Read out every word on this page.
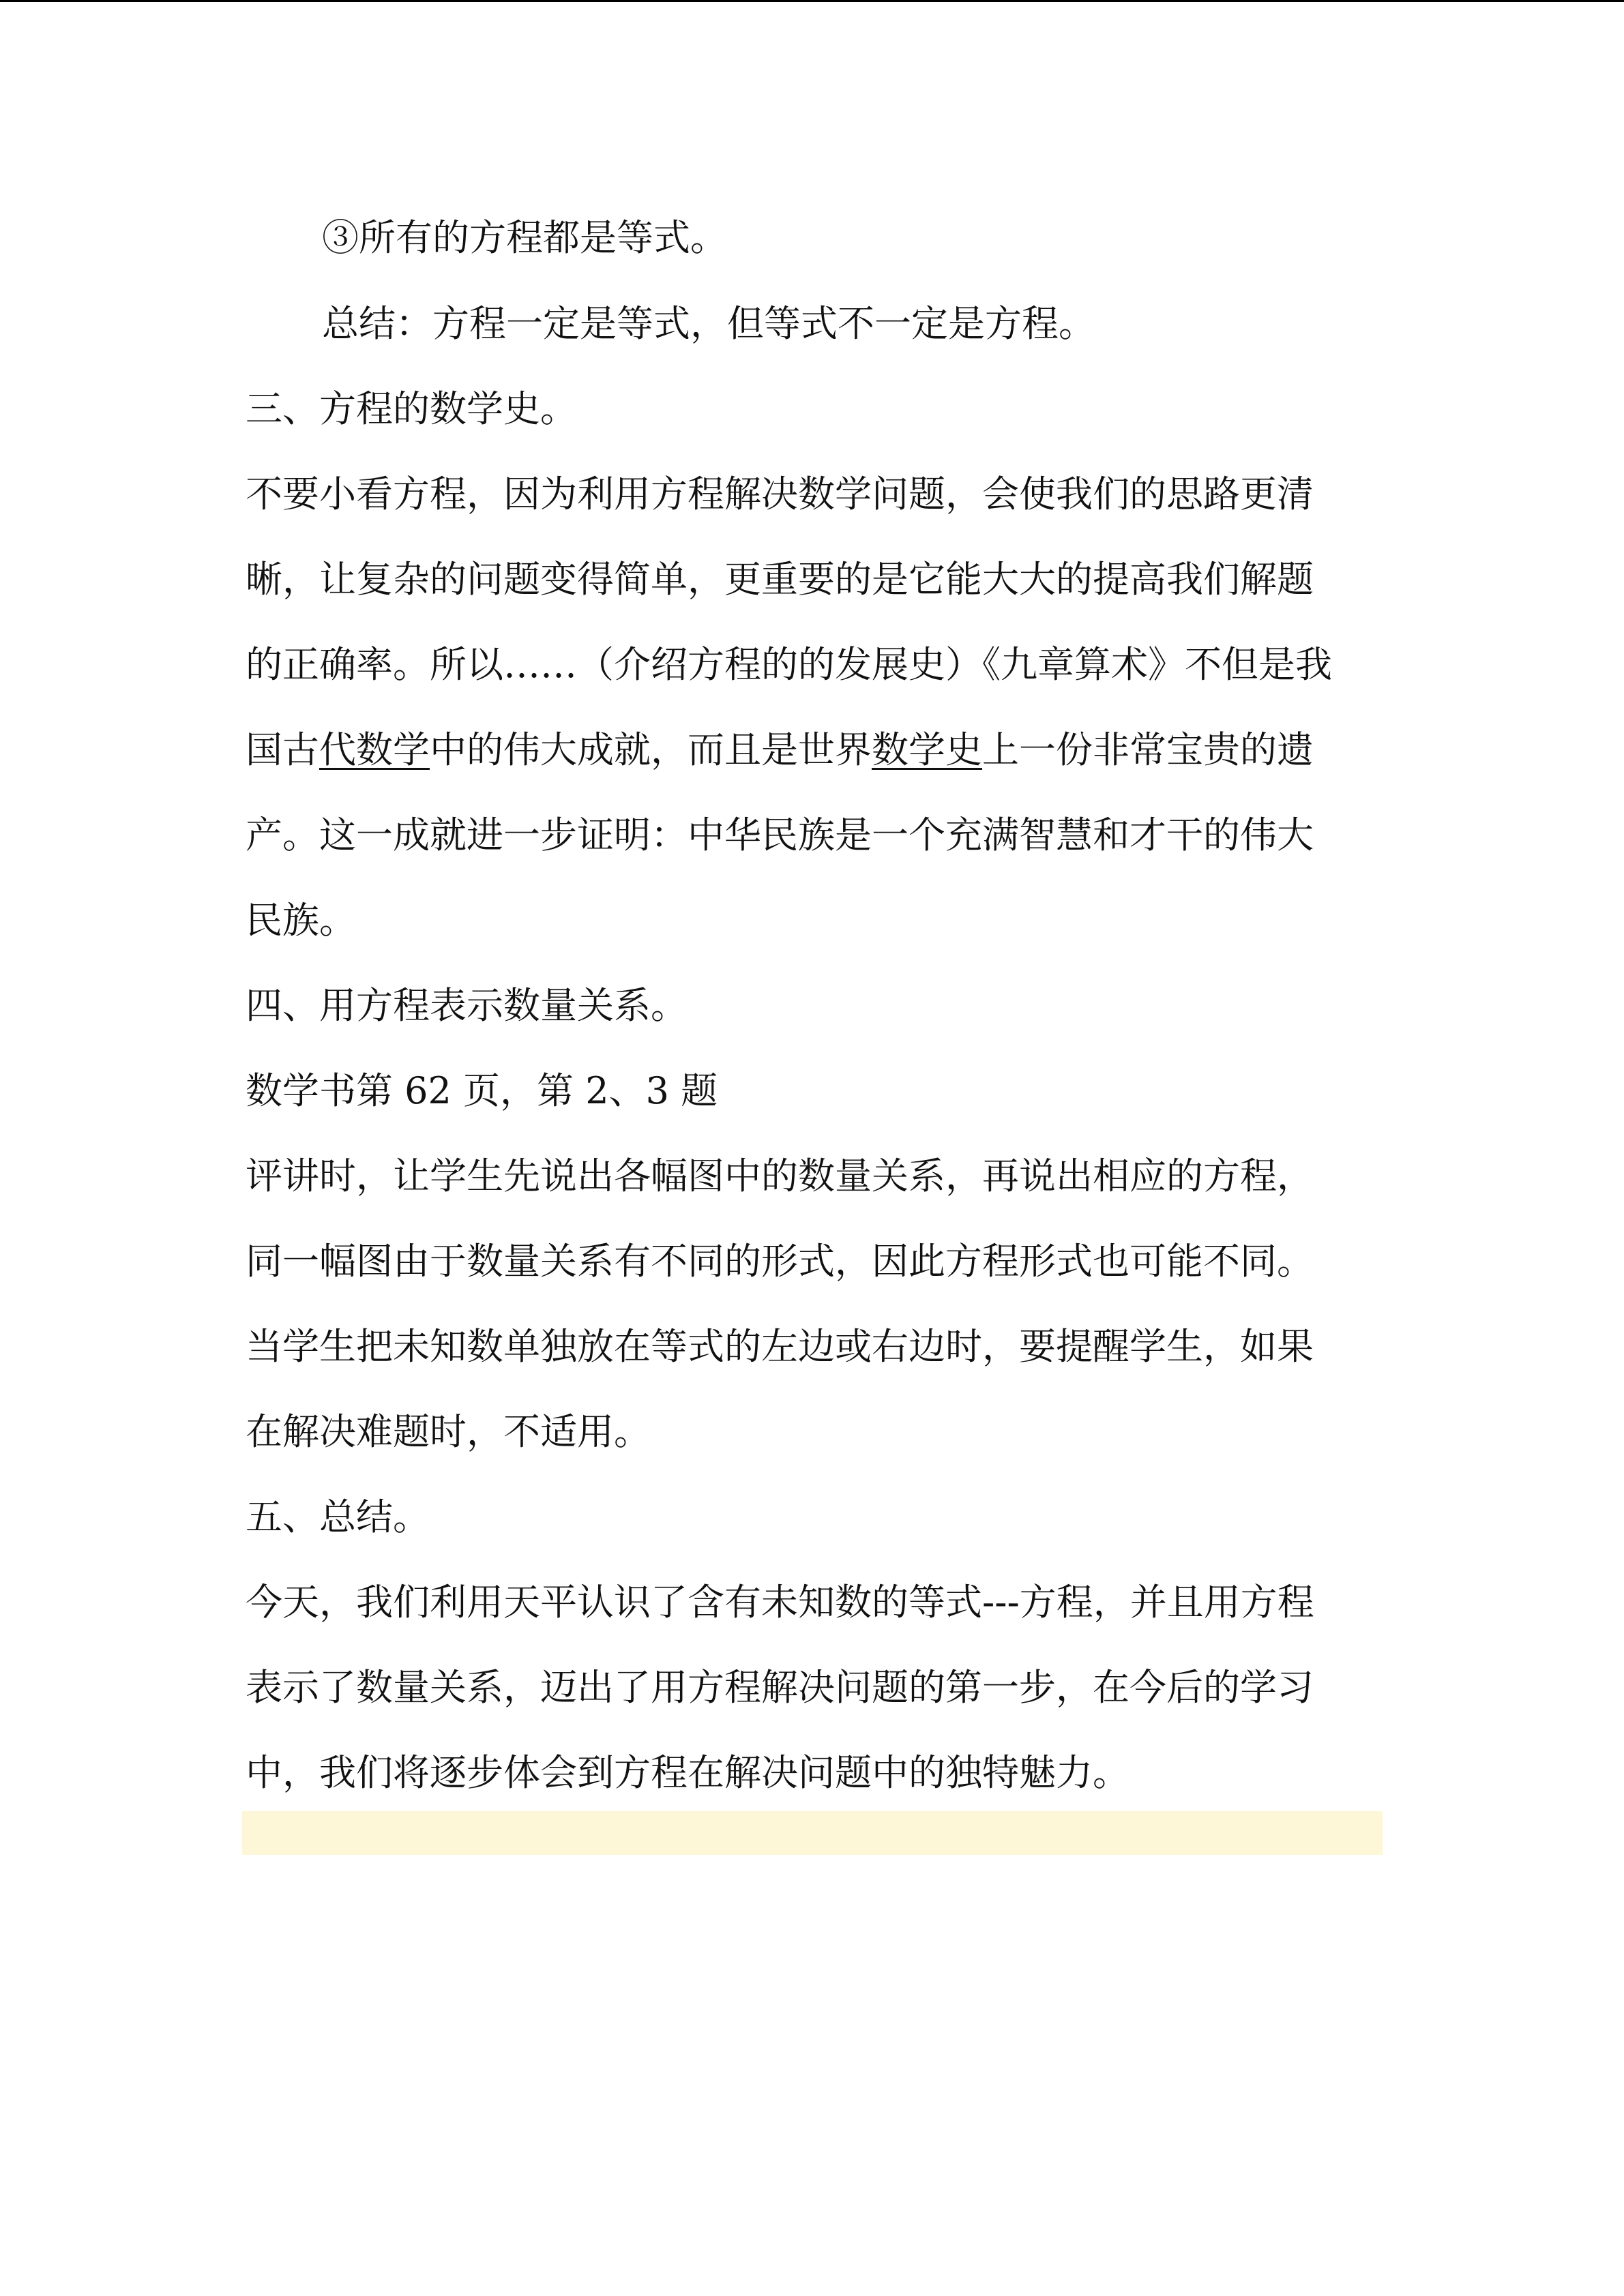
③所有的方程都是等式。
总结：方程一定是等式，但等式不一定是方程。
三、方程的数学史。
不要小看方程，因为利用方程解决数学问题，会使我们的思路更清
晰，让复杂的问题变得简单，更重要的是它能大大的提高我们解题
的正确率。所以……（介绍方程的的发展史）《九章算术》不但是我
国古代数学中的伟大成就，而且是世界数学史上一份非常宝贵的遗
产。这一成就进一步证明：中华民族是一个充满智慧和才干的伟大
民族。
四、用方程表示数量关系。
数学书第 62 页，第 2、3 题
评讲时，让学生先说出各幅图中的数量关系，再说出相应的方程，
同一幅图由于数量关系有不同的形式，因此方程形式也可能不同。
当学生把未知数单独放在等式的左边或右边时，要提醒学生，如果
在解决难题时，不适用。
五、总结。
今天，我们利用天平认识了含有未知数的等式---方程，并且用方程
表示了数量关系，迈出了用方程解决问题的第一步，在今后的学习
中，我们将逐步体会到方程在解决问题中的独特魅力。
